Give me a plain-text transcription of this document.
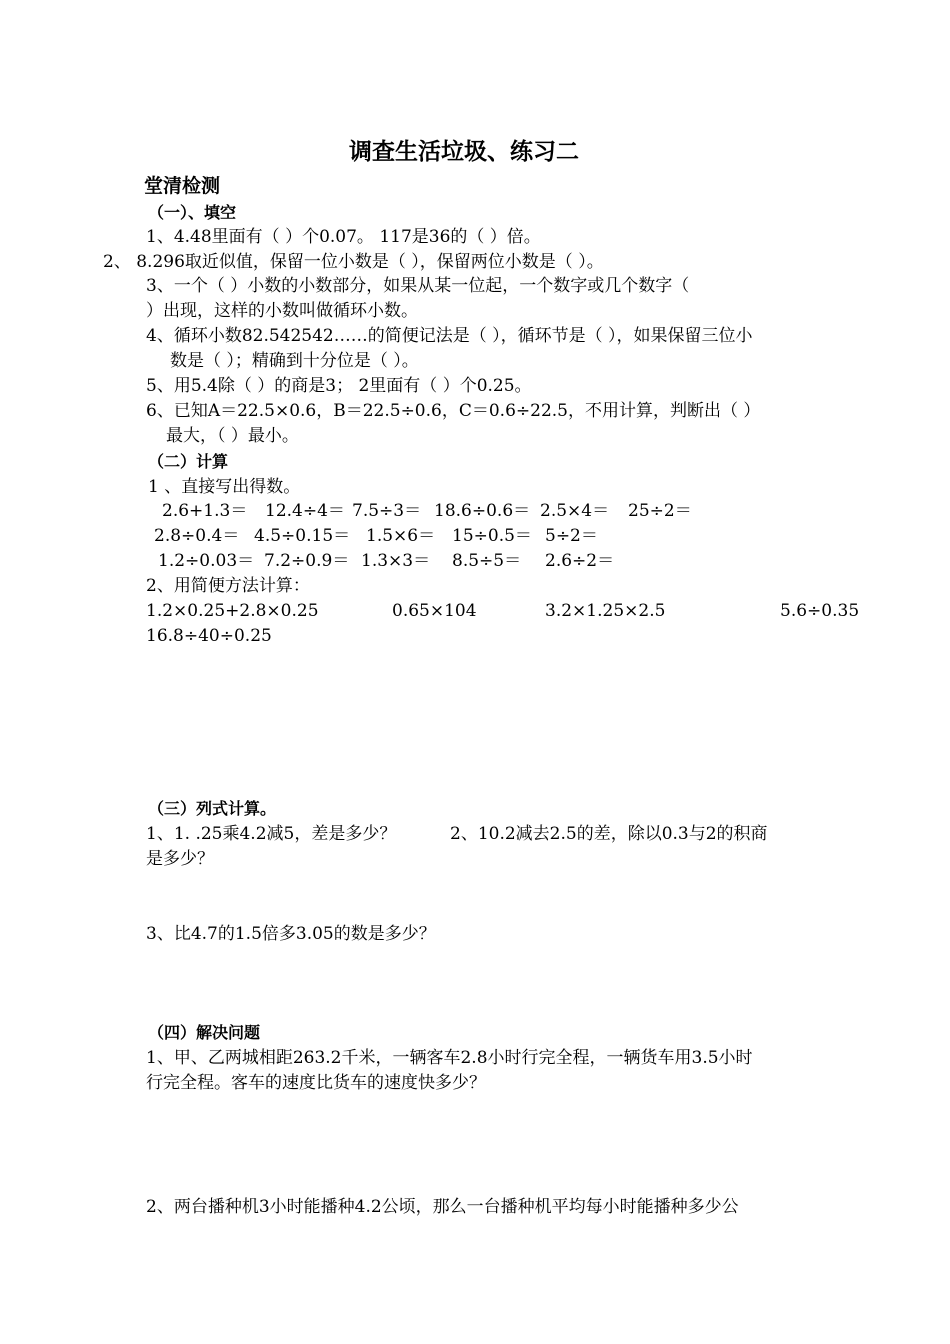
调查生活垃圾、练习二
堂清检测
（一）、填空
1、4.48里面有（ ）个0.07。 117是36的（ ）倍。
2、 8.296取近似值，保留一位小数是（ ），保留两位小数是（ ）。
3、一个（ ）小数的小数部分，如果从某一位起，一个数字或几个数字（
）出现，这样的小数叫做循环小数。
4、循环小数82.542542……的简便记法是（ ），循环节是（ ），如果保留三位小
数是（ ）；精确到十分位是（ ）。
5、用5.4除（ ）的商是3； 2里面有（ ）个0.25。
6、已知A＝22.5×0.6，B＝22.5÷0.6，C＝0.6÷22.5，不用计算，判断出（ ）
最大，（ ）最小。
（二）计算
1 、直接写出得数。
2.6+1.3＝ 12.4÷4＝ 7.5÷3＝ 18.6÷0.6＝ 2.5×4＝ 25÷2＝
2.8÷0.4＝ 4.5÷0.15＝ 1.5×6＝ 15÷0.5＝ 5÷2＝
1.2÷0.03＝ 7.2÷0.9＝ 1.3×3＝ 8.5÷5＝ 2.6÷2＝
2、用简便方法计算：
1.2×0.25+2.8×0.25	0.65×104	3.2×1.25×2.5	5.6÷0.35
16.8÷40÷0.25
（三）列式计算。
1、1. .25乘4.2减5，差是多少？	2、10.2减去2.5的差，除以0.3与2的积商
是多少？
3、比4.7的1.5倍多3.05的数是多少？
（四）解决问题
1、甲、乙两城相距263.2千米，一辆客车2.8小时行完全程，一辆货车用3.5小时
行完全程。客车的速度比货车的速度快多少？
2、两台播种机3小时能播种4.2公顷，那么一台播种机平均每小时能播种多少公
